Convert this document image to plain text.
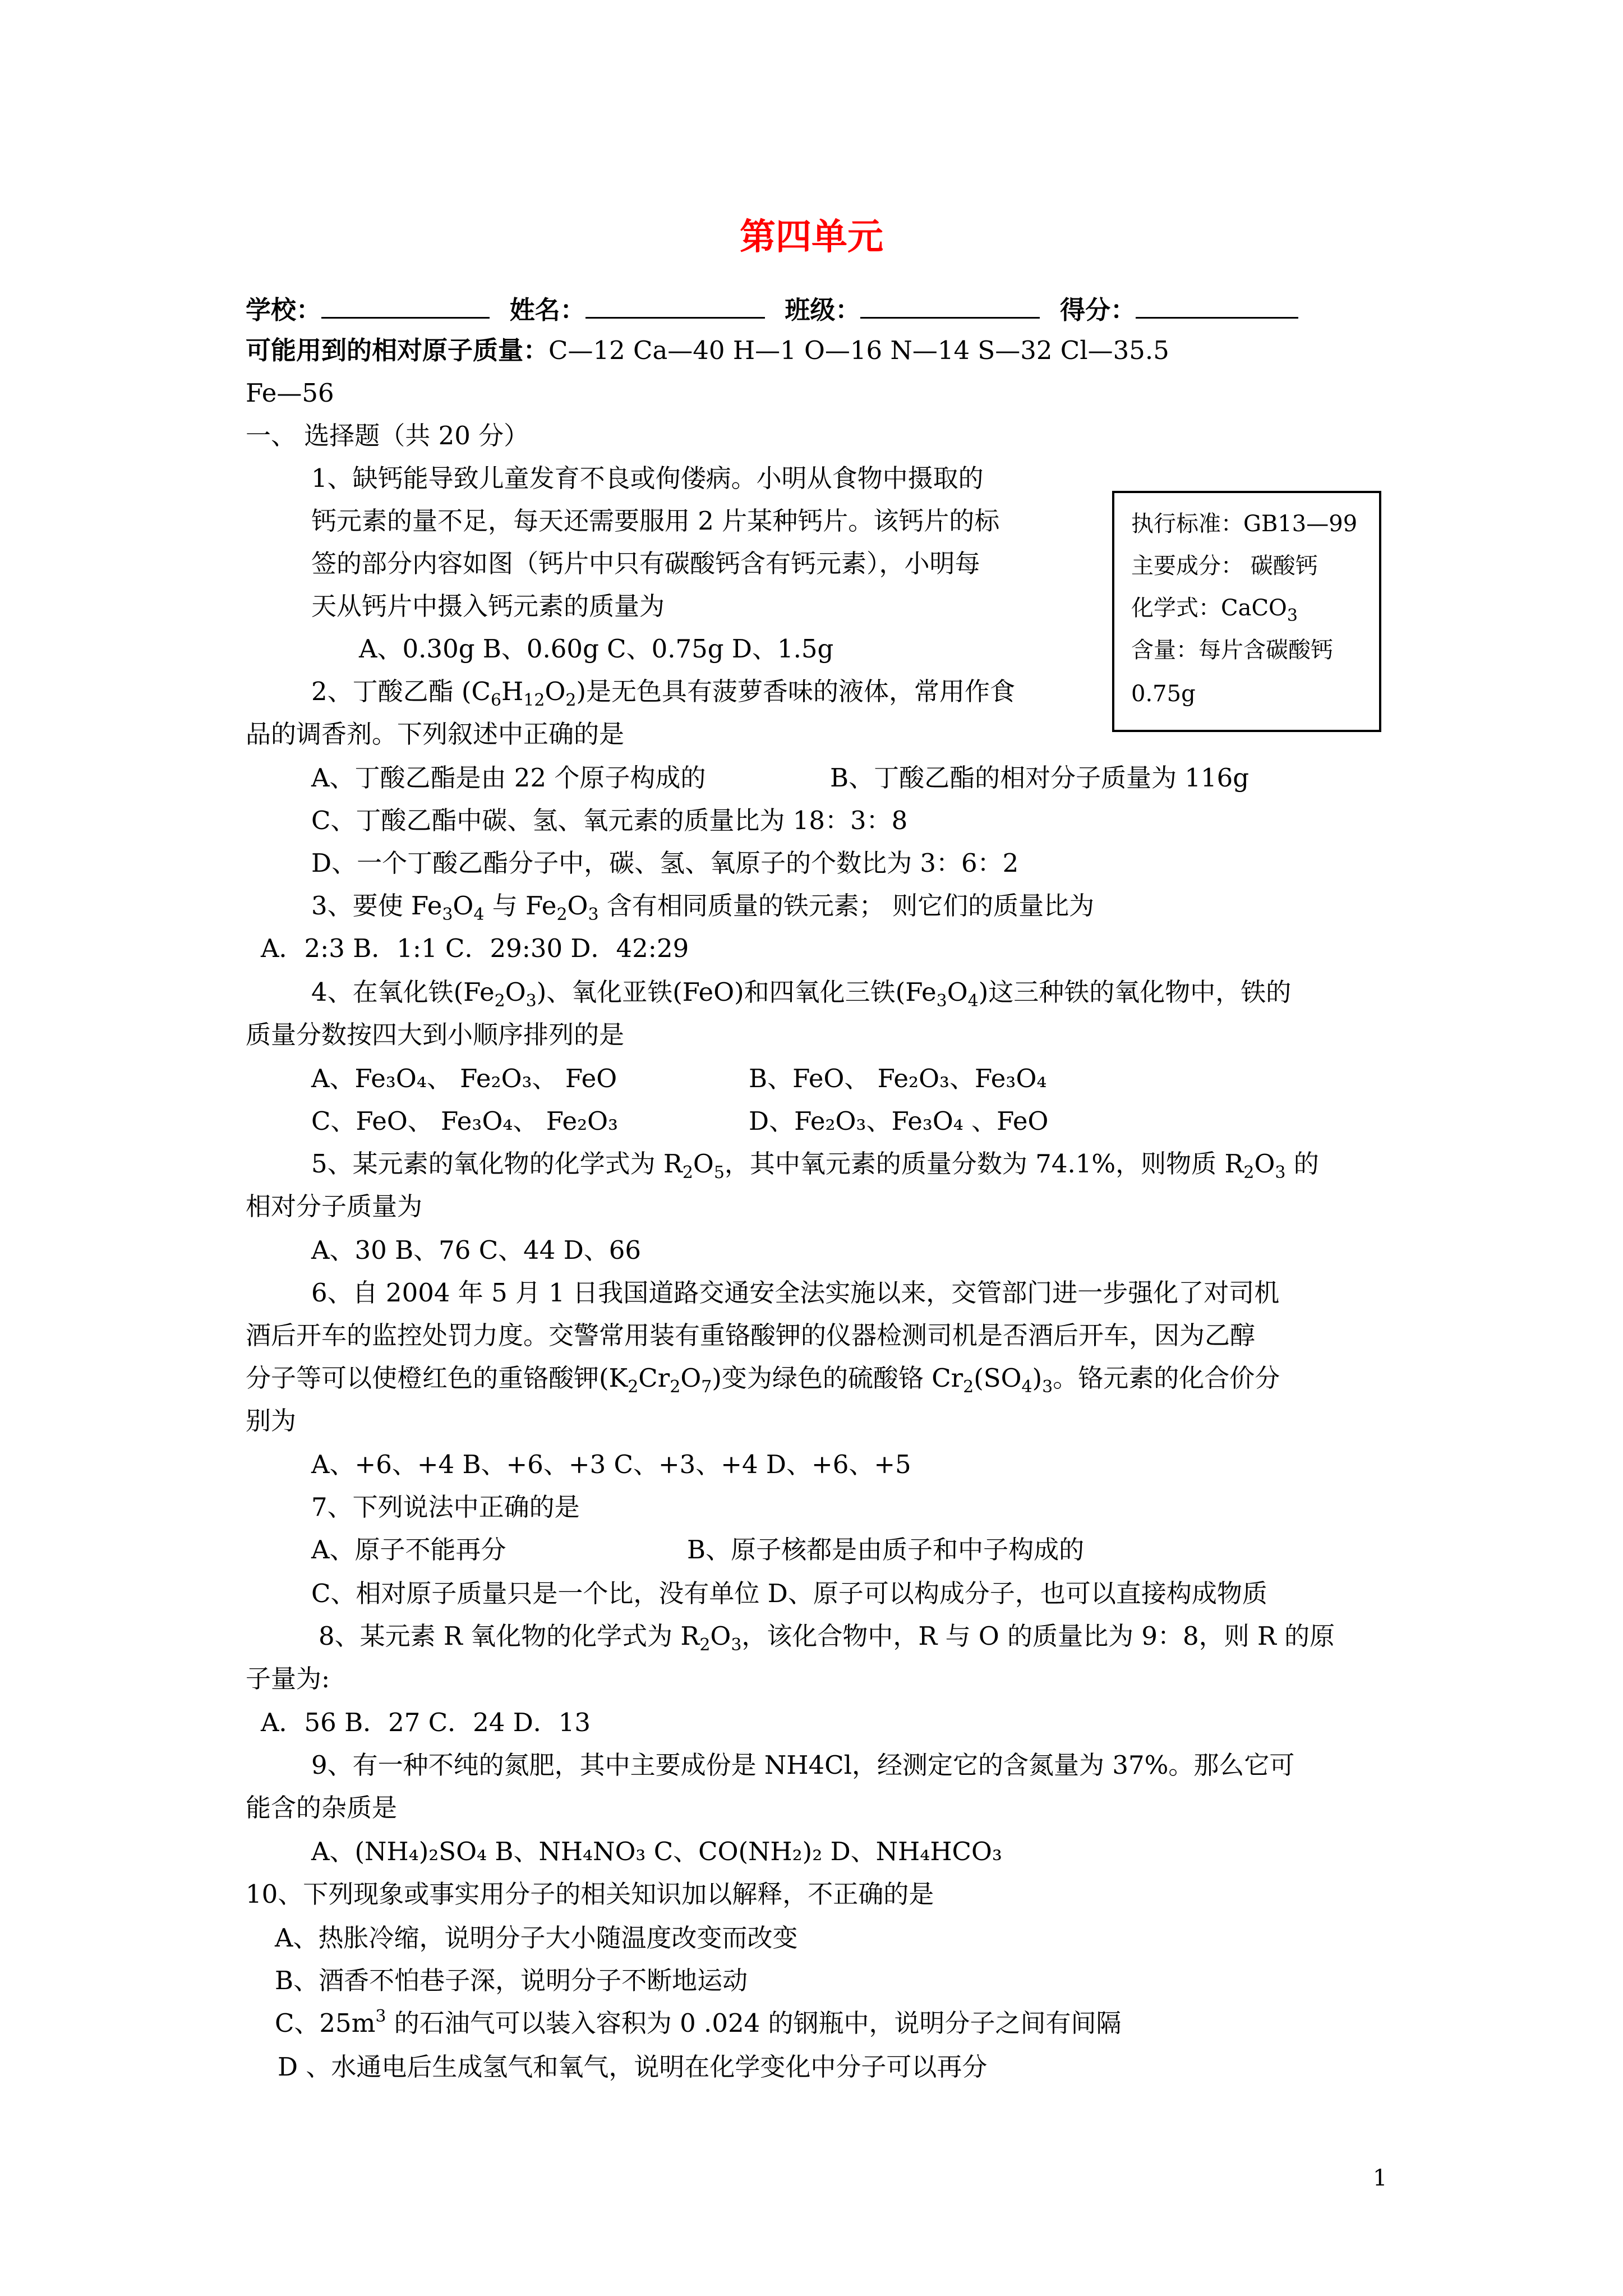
第四单元
学校：	姓名：	班级：	得分：
可能用到的相对原子质量：C—12 Ca—40 H—1 O—16 N—14 S—32 Cl—35.5
Fe—56
一、 选择题（共 20 分）
执行标准：GB13—99
主要成分： 碳酸钙
化学式：CaCO$_3$
含量：每片含碳酸钙
0.75g
1、缺钙能导致儿童发育不良或佝偻病。小明从食物中摄取的
钙元素的量不足，每天还需要服用 2 片某种钙片。该钙片的标
签的部分内容如图（钙片中只有碳酸钙含有钙元素），小明每
天从钙片中摄入钙元素的质量为
A、0.30g B、0.60g C、0.75g D、1.5g
2、丁酸乙酯 $(C_6H_{12}O_2)$是无色具有菠萝香味的液体，常用作食
品的调香剂。下列叙述中正确的是
A、丁酸乙酯是由 22 个原子构成的	B、丁酸乙酯的相对分子质量为 116g
C、丁酸乙酯中碳、氢、氧元素的质量比为 18：3：8
D、一个丁酸乙酯分子中，碳、氢、氧原子的个数比为 3：6：2
3、要使 $Fe_3O_4$ 与 $Fe_2O_3$ 含有相同质量的铁元素； 则它们的质量比为
A．2:3 B．1:1 C．29:30 D．42:29
4、在氧化铁$(Fe_2O_3)$、氧化亚铁(FeO)和四氧化三铁$(Fe_3O_4)$这三种铁的氧化物中，铁的
质量分数按四大到小顺序排列的是
A、Fe₃O₄、 Fe₂O₃、 FeO	B、FeO、 Fe₂O₃、Fe₃O₄
C、FeO、 Fe₃O₄、 Fe₂O₃	D、Fe₂O₃、Fe₃O₄ 、FeO
5、某元素的氧化物的化学式为 $R_2O_5$，其中氧元素的质量分数为 74.1%，则物质 $R_2O_3$ 的
相对分子质量为
A、30 B、76 C、44 D、66
6、自 2004 年 5 月 1 日我国道路交通安全法实施以来，交管部门进一步强化了对司机
酒后开车的监控处罚力度。交警常用装有重铬酸钾的仪器检测司机是否酒后开车，因为乙醇
分子等可以使橙红色的重铬酸钾$(K_2Cr_2O_7)$变为绿色的硫酸铬 $Cr_2(SO_4)_3$。铬元素的化合价分
别为
A、+6、+4 B、+6、+3 C、+3、+4 D、+6、+5
7、下列说法中正确的是
A、原子不能再分	B、原子核都是由质子和中子构成的
C、相对原子质量只是一个比，没有单位 D、原子可以构成分子，也可以直接构成物质
8、某元素 R 氧化物的化学式为 $R_2O_3$，该化合物中，R 与 O 的质量比为 9：8，则 R 的原
子量为:
A．56 B．27 C．24 D．13
9、有一种不纯的氮肥，其中主要成份是 NH4Cl，经测定它的含氮量为 37%。那么它可
能含的杂质是
A、(NH₄)₂SO₄ B、NH₄NO₃ C、CO(NH₂)₂ D、NH₄HCO₃
10、下列现象或事实用分子的相关知识加以解释，不正确的是
A、热胀冷缩，说明分子大小随温度改变而改变
B、酒香不怕巷子深，说明分子不断地运动
C、$25m^3$ 的石油气可以装入容积为 0 .024 的钢瓶中，说明分子之间有间隔
D 、水通电后生成氢气和氧气，说明在化学变化中分子可以再分
1
